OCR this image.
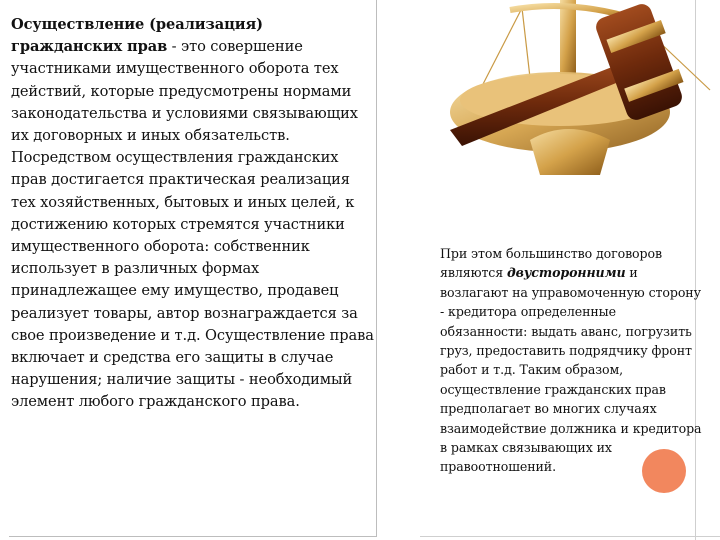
Осуществление (реализация) гражданских прав - это совершение участниками имущественного оборота тех действий, которые предусмотрены нормами законодательства и условиями связывающих их договорных и иных обязательств. Посредством осуществления гражданских прав достигается практическая реализация тех хозяйственных, бытовых и иных целей, к достижению которых стремятся участники имущественного оборота: собственник использует в различных формах принадлежащее ему имущество, продавец реализует товары, автор вознаграждается за свое произведение и т.д. Осуществление права включает и средства его защиты в случае нарушения; наличие защиты - необходимый элемент любого гражданского права.
При этом большинство договоров являются двусторонними и возлагают на управомоченную сторону - кредитора определенные обязанности: выдать аванс, погрузить груз, предоставить подрядчику фронт работ и т.д. Таким образом, осуществление гражданских прав предполагает во многих случаях взаимодействие должника и кредитора в рамках связывающих их правоотношений.
